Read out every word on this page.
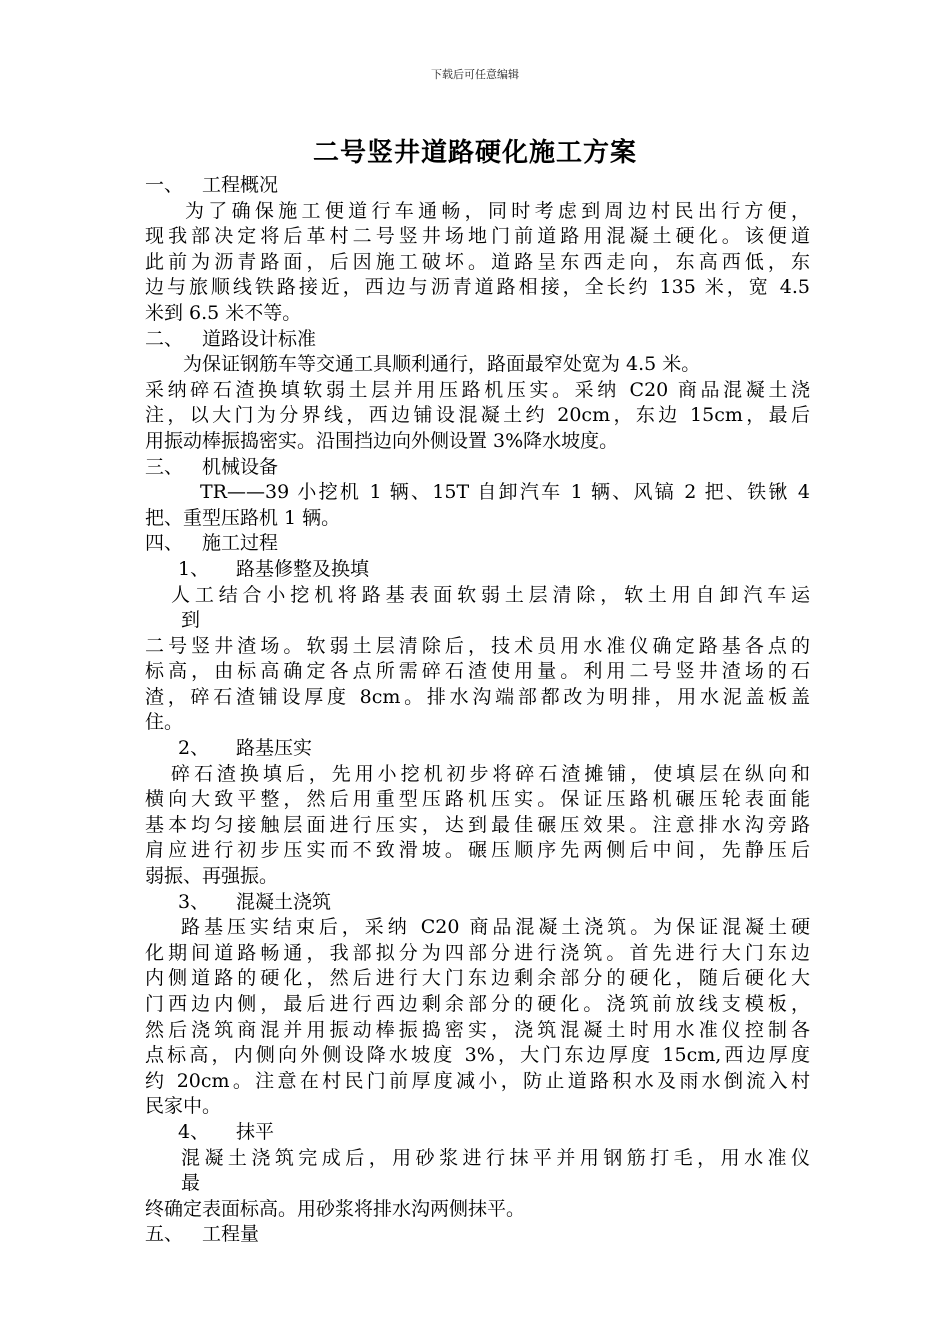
下载后可任意编辑
二号竖井道路硬化施工方案
一、 工程概况
为了确保施工便道行车通畅，同时考虑到周边村民出行方便，
现我部决定将后革村二号竖井场地门前道路用混凝土硬化。该便道
此前为沥青路面，后因施工破坏。道路呈东西走向，东高西低，东
边与旅顺线铁路接近，西边与沥青道路相接，全长约 135 米，宽 4.5
米到 6.5 米不等。
二、 道路设计标准
为保证钢筋车等交通工具顺利通行，路面最窄处宽为 4.5 米。
采纳碎石渣换填软弱土层并用压路机压实。采纳 C20 商品混凝土浇
注，以大门为分界线，西边铺设混凝土约 20cm，东边 15cm，最后
用振动棒振捣密实。沿围挡边向外侧设置 3%降水坡度。
三、 机械设备
TR——39 小挖机 1 辆、15T 自卸汽车 1 辆、风镐 2 把、铁锹 4
把、重型压路机 1 辆。
四、 施工过程
1、	路基修整及换填
人工结合小挖机将路基表面软弱土层清除，软土用自卸汽车运
到
二号竖井渣场。软弱土层清除后，技术员用水准仪确定路基各点的
标高，由标高确定各点所需碎石渣使用量。利用二号竖井渣场的石
渣，碎石渣铺设厚度 8cm。排水沟端部都改为明排，用水泥盖板盖
住。
2、	路基压实
碎石渣换填后，先用小挖机初步将碎石渣摊铺，使填层在纵向和
横向大致平整，然后用重型压路机压实。保证压路机碾压轮表面能
基本均匀接触层面进行压实，达到最佳碾压效果。注意排水沟旁路
肩应进行初步压实而不致滑坡。碾压顺序先两侧后中间，先静压后
弱振、再强振。
3、	混凝土浇筑
路基压实结束后，采纳 C20 商品混凝土浇筑。为保证混凝土硬
化期间道路畅通，我部拟分为四部分进行浇筑。首先进行大门东边
内侧道路的硬化，然后进行大门东边剩余部分的硬化，随后硬化大
门西边内侧，最后进行西边剩余部分的硬化。浇筑前放线支模板，
然后浇筑商混并用振动棒振捣密实，浇筑混凝土时用水准仪控制各
点标高，内侧向外侧设降水坡度 3%，大门东边厚度 15cm,西边厚度
约 20cm。注意在村民门前厚度减小，防止道路积水及雨水倒流入村
民家中。
4、	抹平
混凝土浇筑完成后，用砂浆进行抹平并用钢筋打毛，用水准仪
最
终确定表面标高。用砂浆将排水沟两侧抹平。
五、 工程量
